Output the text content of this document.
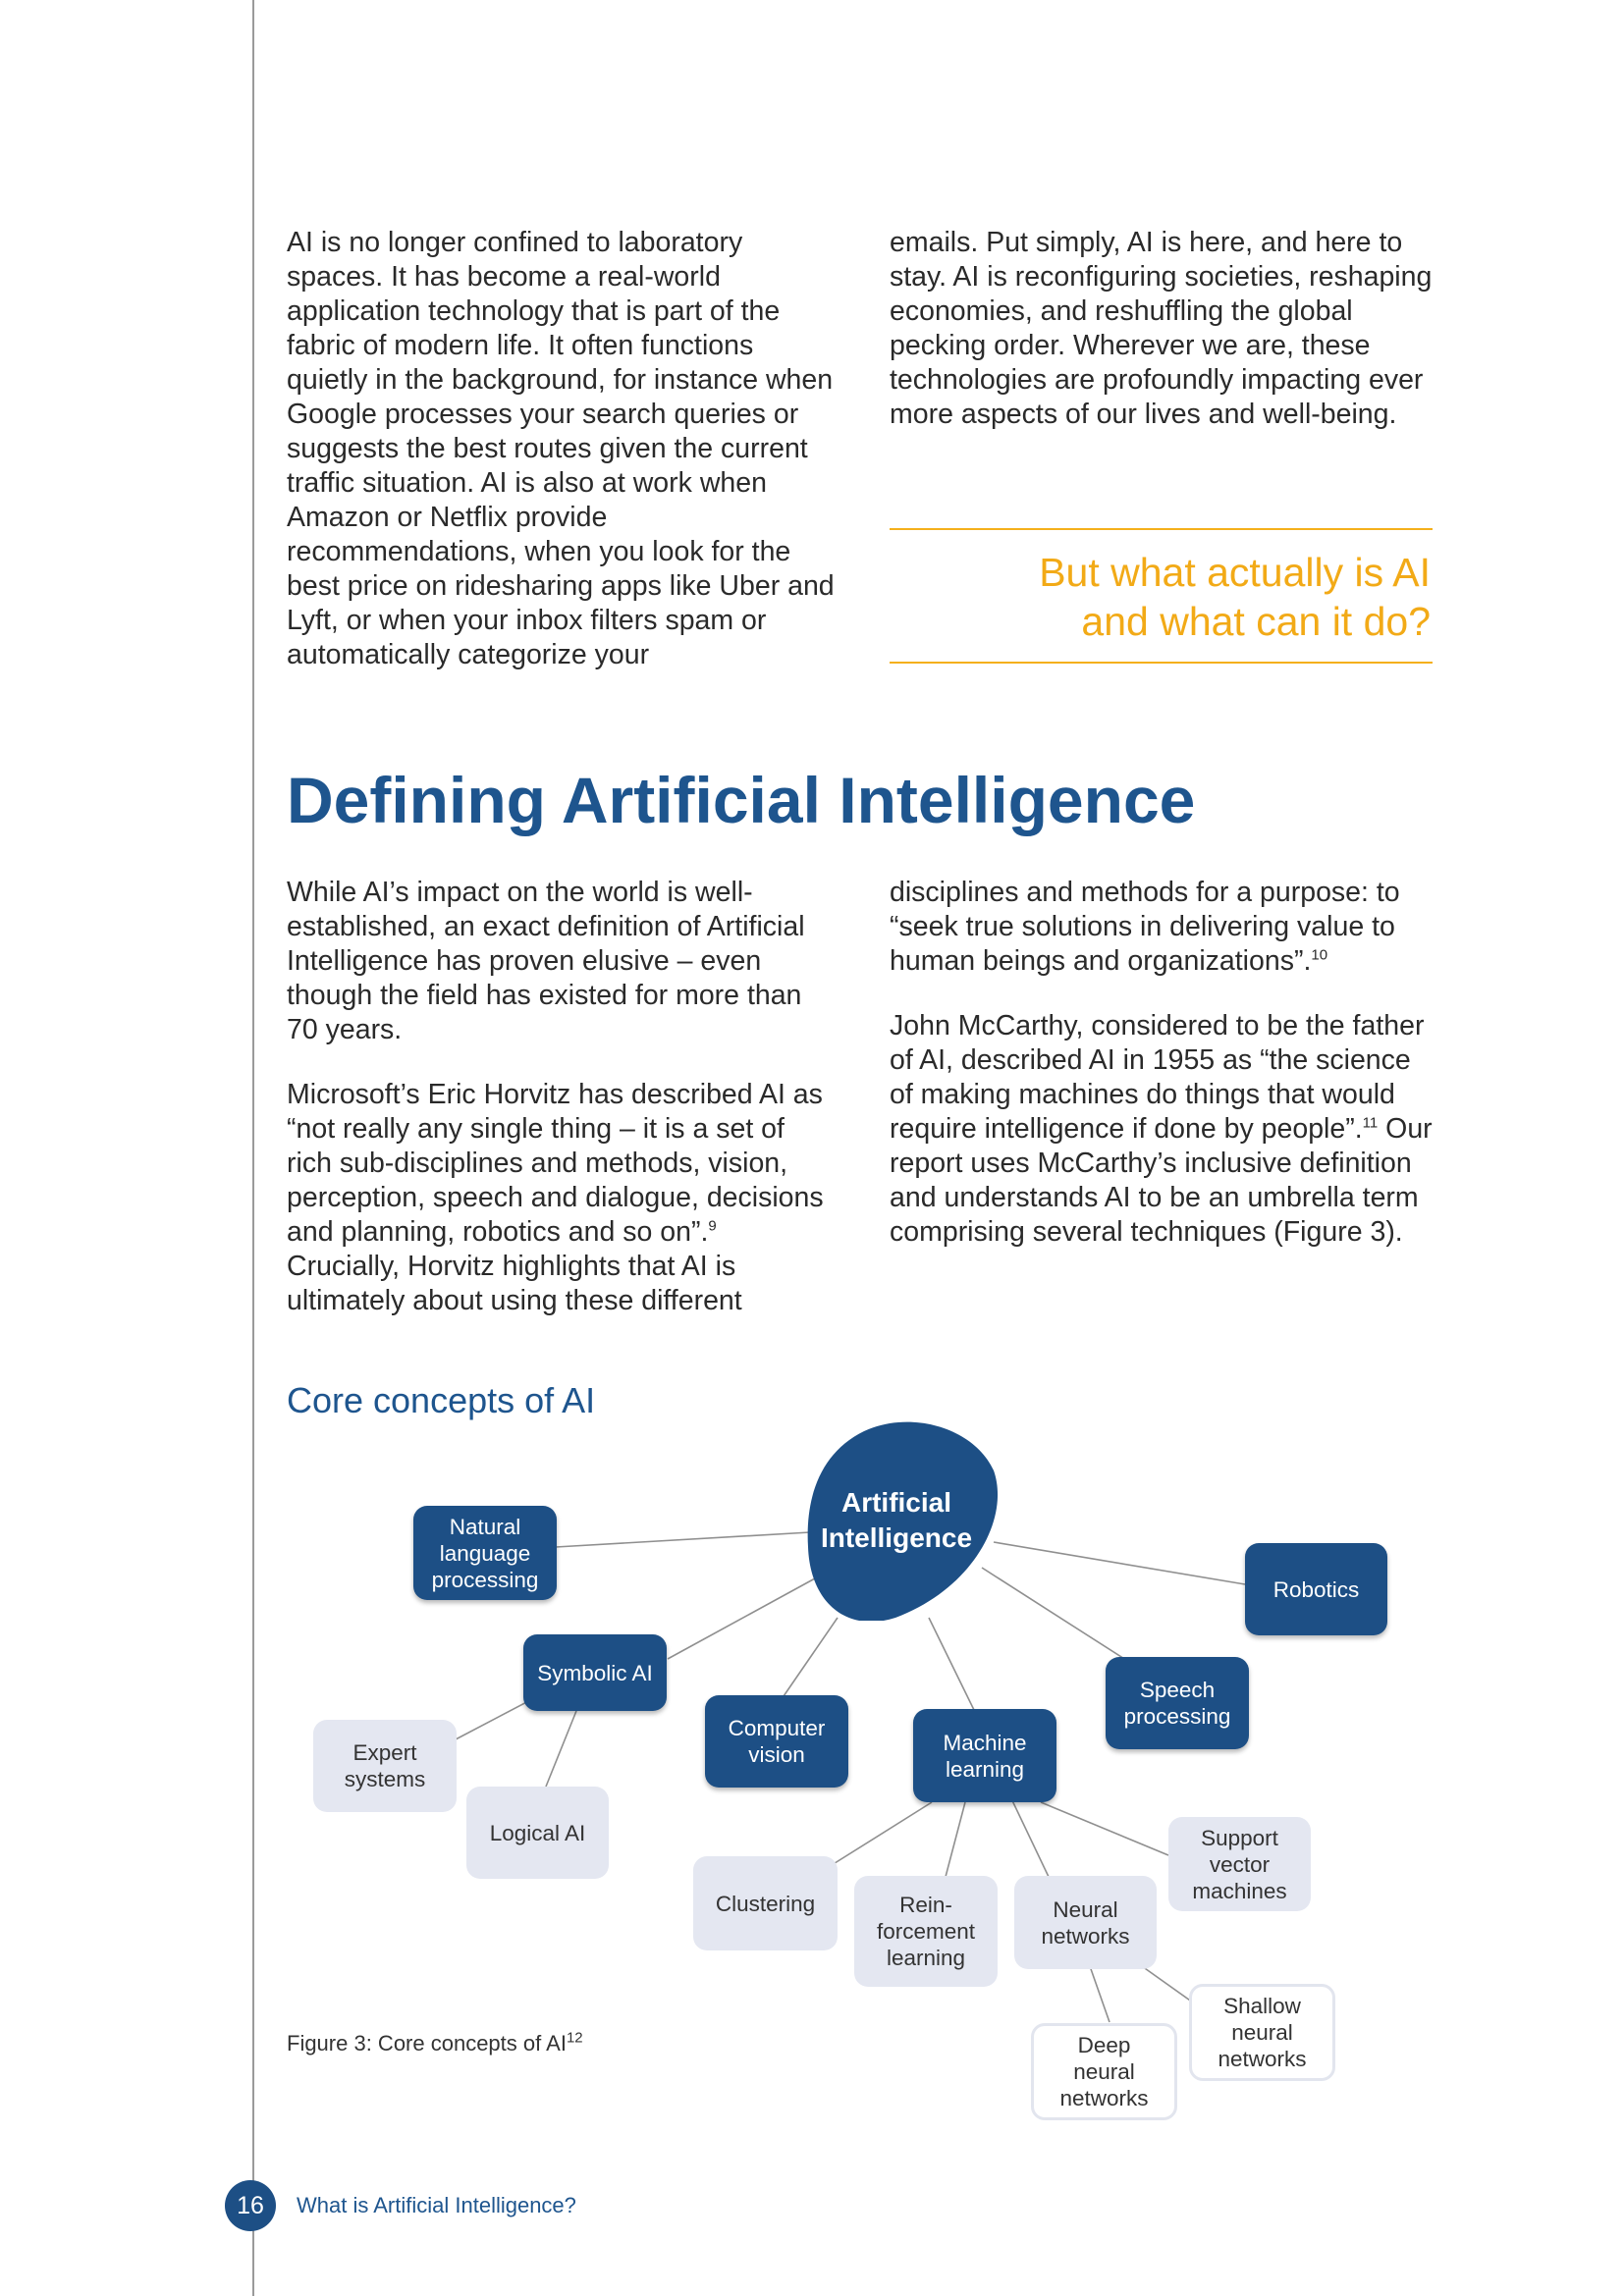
AI is no longer confined to laboratory spaces. It has become a real-world application technology that is part of the fabric of modern life. It often functions quietly in the background, for instance when Google processes your search queries or suggests the best routes given the current traffic situation. AI is also at work when Amazon or Netflix provide recommendations, when you look for the best price on ridesharing apps like Uber and Lyft, or when your inbox filters spam or automatically categorize your

emails. Put simply, AI is here, and here to stay. AI is reconfiguring societies, reshaping economies, and reshuffling the global pecking order. Wherever we are, these technologies are profoundly impacting ever more aspects of our lives and well-being.

But what actually is AI
and what can it do?
Defining Artificial Intelligence

While AI’s impact on the world is well-established, an exact definition of Artificial Intelligence has proven elusive – even though the field has existed for more than 70 years.

Microsoft’s Eric Horvitz has described AI as “not really any single thing – it is a set of rich sub-disciplines and methods, vision, perception, speech and dialogue, decisions and planning, robotics and so on”.$^9$ Crucially, Horvitz highlights that AI is ultimately about using these different

disciplines and methods for a purpose: to “seek true solutions in delivering value to human beings and organizations”.$^{10}$

John McCarthy, considered to be the father of AI, described AI in 1955 as “the science of making machines do things that would require intelligence if done by people”.$^{11}$ Our report uses McCarthy’s inclusive definition and understands AI to be an umbrella term comprising several techniques (Figure 3).

Core concepts of AI
Artificial
Intelligence
Natural
language
processing	Robotics
Symbolic AI
Speech
processing
Computer
vision	Machine
learning
Expert
systems
Logical AI
Clustering	Rein-
forcement
learning
Neural
networks
Support
vector
machines
Shallow
neural
networks
Deep
neural
networks
Figure 3: Core concepts of AI$^{12}$
16	What is Artificial Intelligence?
